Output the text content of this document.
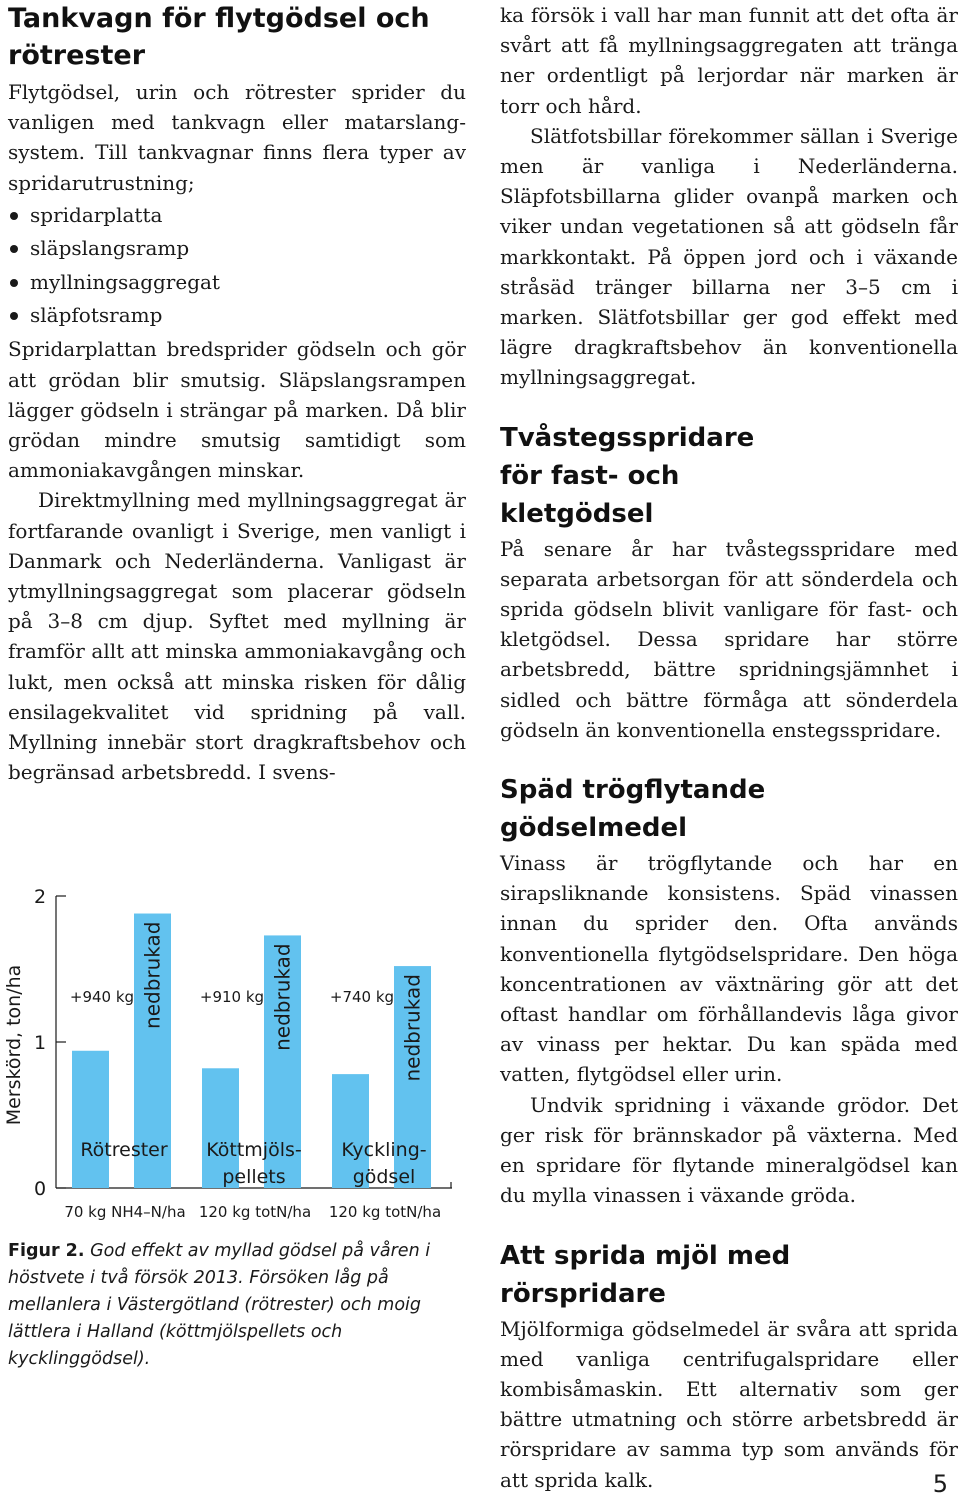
Tankvagn för flytgödsel och rötrester

Flytgödsel, urin och rötrester sprider du vanligen med tankvagn eller matarslang-system. Till tankvagnar finns flera typer av spridarutrustning;

spridarplatta
släpslangsramp
myllningsaggregat
släpfotsramp

Spridarplattan bredsprider gödseln och gör att grödan blir smutsig. Släpslangsrampen lägger gödseln i strängar på marken. Då blir grödan mindre smutsig samtidigt som ammoniakavgången minskar.

Direktmyllning med myllningsaggregat är fortfarande ovanligt i Sverige, men vanligt i Danmark och Nederländerna. Vanligast är ytmyllningsaggregat som placerar gödseln på 3–8 cm djup. Syftet med myllning är framför allt att minska ammoniakavgång och lukt, men också att minska risken för dålig ensilagekvalitet vid spridning på vall. Myllning innebär stort dragkraftsbehov och begränsad arbetsbredd. I svens-

Merskörd, ton/ha
0
1
2
nedbrukad
+940 kg
Rötrester
70 kg NH4–N/ha
nedbrukad
+910 kg
Köttmjöls-
pellets
120 kg totN/ha
nedbrukad
+740 kg
Kyckling-
gödsel
120 kg totN/ha
Figur 2. God effekt av myllad gödsel på våren i höstvete i två försök 2013. Försöken låg på mellanlera i Västergötland (rötrester) och moig lättlera i Halland (köttmjölspellets och kycklinggödsel).

ka försök i vall har man funnit att det ofta är svårt att få myllningsaggregaten att tränga ner ordentligt på lerjordar när marken är torr och hård.

Slätfotsbillar förekommer sällan i Sverige men är vanliga i Nederländerna. Släpfotsbillarna glider ovanpå marken och viker undan vegetationen så att gödseln får markkontakt. På öppen jord och i växande stråsäd tränger billarna ner 3–5 cm i marken. Slätfotsbillar ger god effekt med lägre dragkraftsbehov än konventionella myllningsaggregat.

Tvåstegsspridare för fast- och kletgödsel

På senare år har tvåstegsspridare med separata arbetsorgan för att sönderdela och sprida gödseln blivit vanligare för fast- och kletgödsel. Dessa spridare har större arbetsbredd, bättre spridningsjämnhet i sidled och bättre förmåga att sönderdela gödseln än konventionella enstegsspridare.

Späd trögflytande gödselmedel

Vinass är trögflytande och har en sirapsliknande konsistens. Späd vinassen innan du sprider den. Ofta används konventionella flytgödselspridare. Den höga koncentrationen av växtnäring gör att det oftast handlar om förhållandevis låga givor av vinass per hektar. Du kan späda med vatten, flytgödsel eller urin.

Undvik spridning i växande grödor. Det ger risk för brännskador på växterna. Med en spridare för flytande mineralgödsel kan du mylla vinassen i växande gröda.

Att sprida mjöl med rörspridare

Mjölformiga gödselmedel är svåra att sprida med vanliga centrifugalspridare eller kombisåmaskin. Ett alternativ som ger bättre utmatning och större arbetsbredd är rörspridare av samma typ som används för att sprida kalk.	5
